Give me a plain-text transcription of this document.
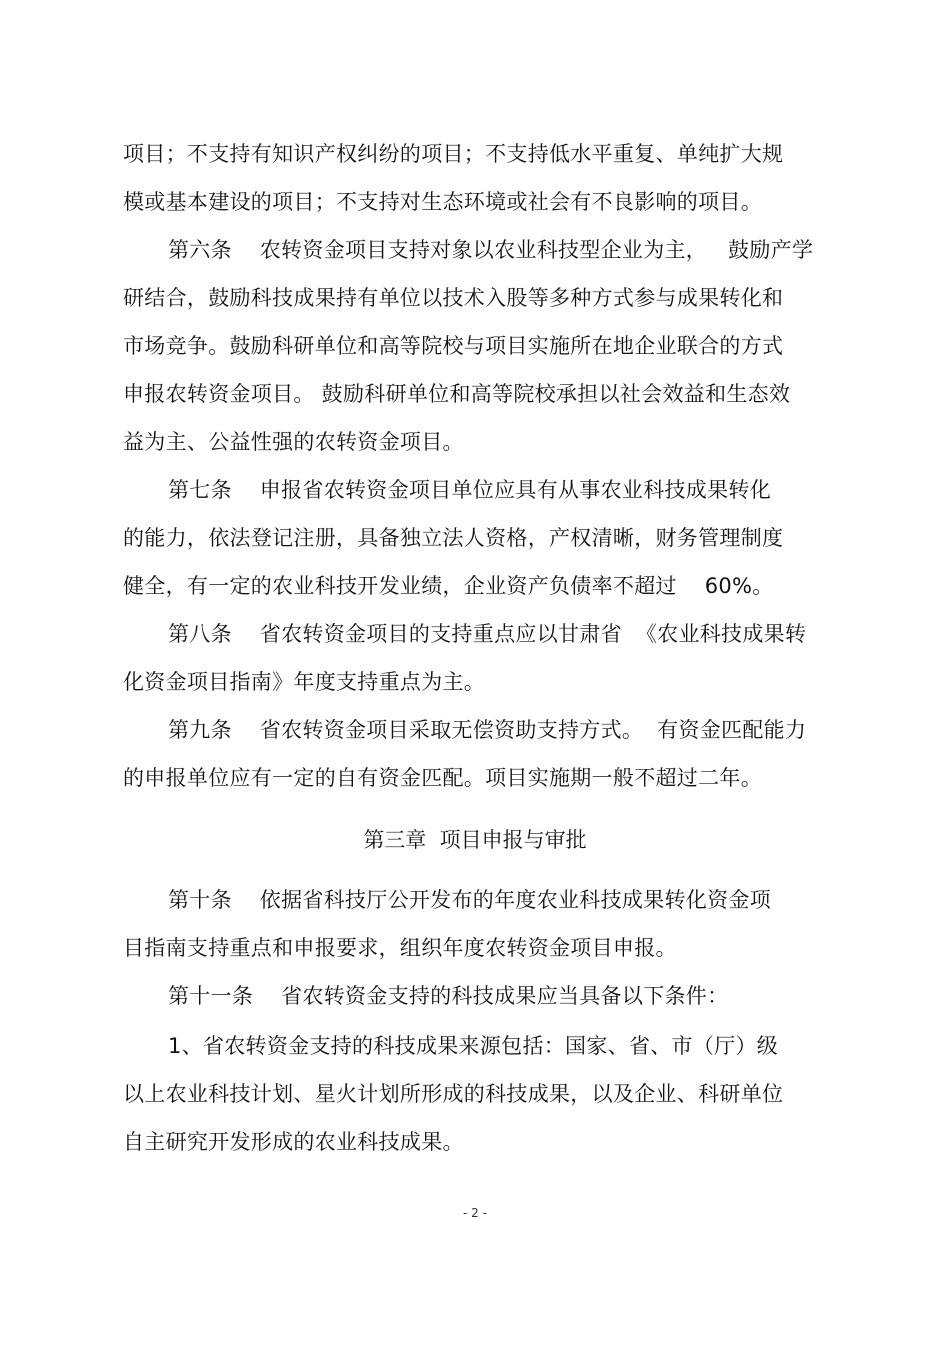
项目；不支持有知识产权纠纷的项目；不支持低水平重复、单纯扩大规
模或基本建设的项目；不支持对生态环境或社会有不良影响的项目。
第六条    农转资金项目支持对象以农业科技型企业为主，   鼓励产学
研结合，鼓励科技成果持有单位以技术入股等多种方式参与成果转化和
市场竞争。鼓励科研单位和高等院校与项目实施所在地企业联合的方式
申报农转资金项目。 鼓励科研单位和高等院校承担以社会效益和生态效
益为主、公益性强的农转资金项目。
第七条    申报省农转资金项目单位应具有从事农业科技成果转化
的能力，依法登记注册，具备独立法人资格，产权清晰，财务管理制度
健全，有一定的农业科技开发业绩，企业资产负债率不超过    60%。
第八条    省农转资金项目的支持重点应以甘肃省  《农业科技成果转
化资金项目指南》年度支持重点为主。
第九条    省农转资金项目采取无偿资助支持方式。  有资金匹配能力
的申报单位应有一定的自有资金匹配。项目实施期一般不超过二年。
第三章  项目申报与审批
第十条    依据省科技厅公开发布的年度农业科技成果转化资金项
目指南支持重点和申报要求，组织年度农转资金项目申报。
第十一条    省农转资金支持的科技成果应当具备以下条件：
1、省农转资金支持的科技成果来源包括：国家、省、市（厅）级
以上农业科技计划、星火计划所形成的科技成果，以及企业、科研单位
自主研究开发形成的农业科技成果。
- 2 -
